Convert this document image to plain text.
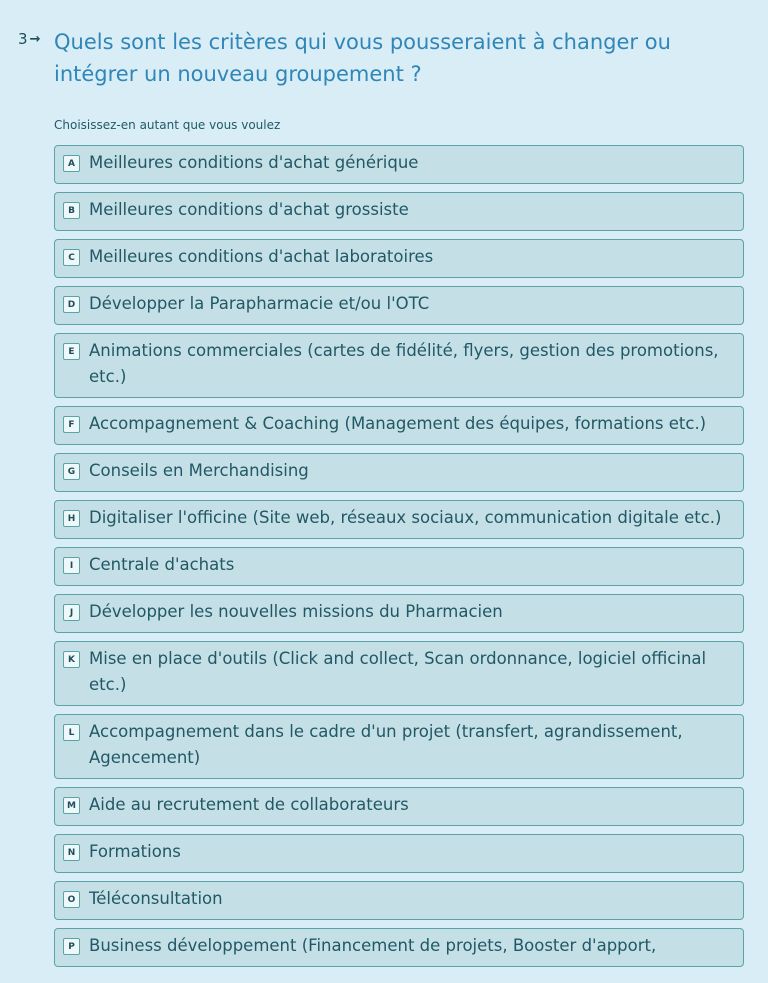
3 → Quels sont les critères qui vous pousseraient à changer ou intégrer un nouveau groupement ?
Choisissez-en autant que vous voulez
A Meilleures conditions d'achat générique
B Meilleures conditions d'achat grossiste
C Meilleures conditions d'achat laboratoires
D Développer la Parapharmacie et/ou l'OTC
E Animations commerciales (cartes de fidélité, flyers, gestion des promotions, etc.)
F Accompagnement & Coaching (Management des équipes, formations etc.)
G Conseils en Merchandising
H Digitaliser l'officine (Site web, réseaux sociaux, communication digitale etc.)
I Centrale d'achats
J Développer les nouvelles missions du Pharmacien
K Mise en place d'outils (Click and collect, Scan ordonnance, logiciel officinal etc.)
L Accompagnement dans le cadre d'un projet (transfert, agrandissement, Agencement)
M Aide au recrutement de collaborateurs
N Formations
O Téléconsultation
P Business développement (Financement de projets, Booster d'apport,
